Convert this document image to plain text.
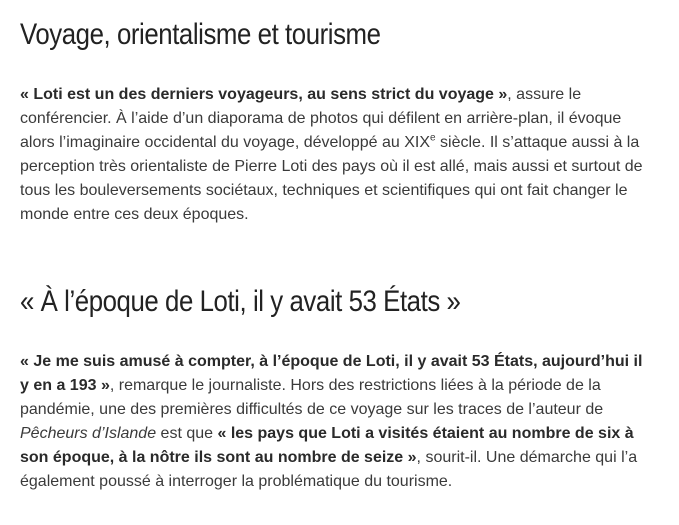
Voyage, orientalisme et tourisme

« Loti est un des derniers voyageurs, au sens strict du voyage », assure le conférencier. À l’aide d’un diaporama de photos qui défilent en arrière-plan, il évoque alors l’imaginaire occidental du voyage, développé au XIXe siècle. Il s’attaque aussi à la perception très orientaliste de Pierre Loti des pays où il est allé, mais aussi et surtout de tous les bouleversements sociétaux, techniques et scientifiques qui ont fait changer le monde entre ces deux époques.

« À l’époque de Loti, il y avait 53 États »

« Je me suis amusé à compter, à l’époque de Loti, il y avait 53 États, aujourd’hui il y en a 193 », remarque le journaliste. Hors des restrictions liées à la période de la pandémie, une des premières difficultés de ce voyage sur les traces de l’auteur de Pêcheurs d’Islande est que « les pays que Loti a visités étaient au nombre de six à son époque, à la nôtre ils sont au nombre de seize », sourit-il. Une démarche qui l’a également poussé à interroger la problématique du tourisme.
